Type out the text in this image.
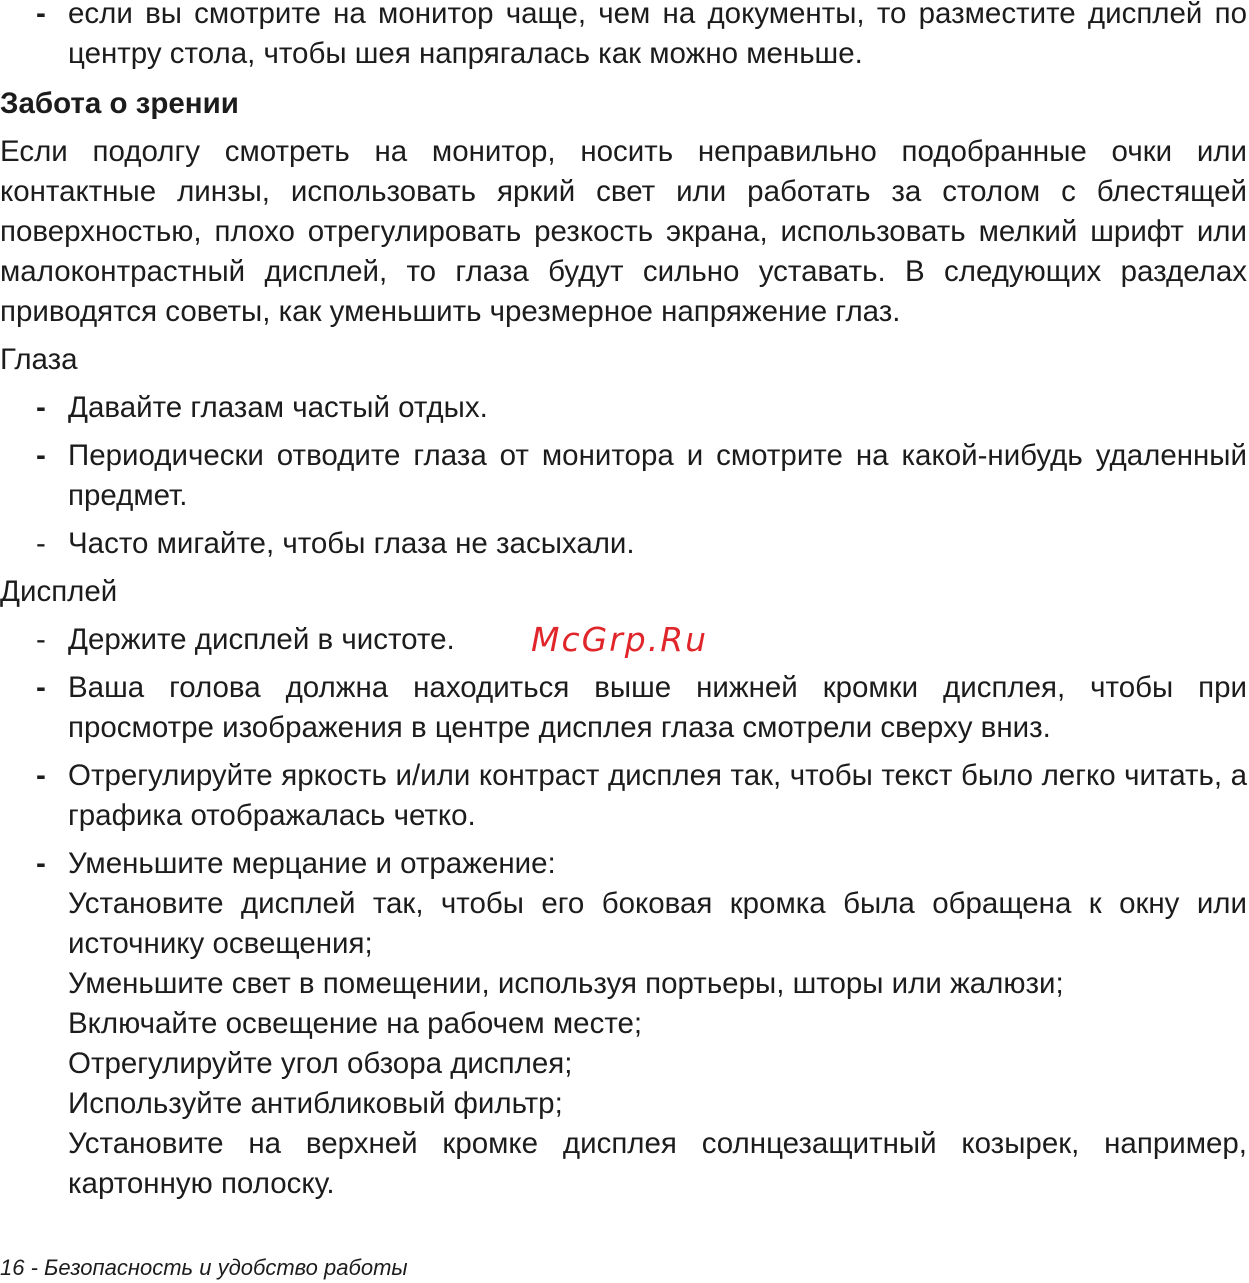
- если вы смотрите на монитор чаще, чем на документы, то разместите дисплей по центру стола, чтобы шея напрягалась как можно меньше.
Забота о зрении
Если подолгу смотреть на монитор, носить неправильно подобранные очки или контактные линзы, использовать яркий свет или работать за столом с блестящей поверхностью, плохо отрегулировать резкость экрана, использовать мелкий шрифт или малоконтрастный дисплей, то глаза будут сильно уставать. В следующих разделах приводятся советы, как уменьшить чрезмерное напряжение глаз.
Глаза
- Давайте глазам частый отдых.
- Периодически отводите глаза от монитора и смотрите на какой-нибудь удаленный предмет.
- Часто мигайте, чтобы глаза не засыхали.
Дисплей
- Держите дисплей в чистоте.	McGrp.Ru
- Ваша голова должна находиться выше нижней кромки дисплея, чтобы при просмотре изображения в центре дисплея глаза смотрели сверху вниз.
- Отрегулируйте яркость и/или контраст дисплея так, чтобы текст было легко читать, а графика отображалась четко.
- Уменьшите мерцание и отражение:
Установите дисплей так, чтобы его боковая кромка была обращена к окну или источнику освещения;
Уменьшите свет в помещении, используя портьеры, шторы или жалюзи;
Включайте освещение на рабочем месте;
Отрегулируйте угол обзора дисплея;
Используйте антибликовый фильтр;
Установите на верхней кромке дисплея солнцезащитный козырек, например, картонную полоску.
16 - Безопасность и удобство работы
